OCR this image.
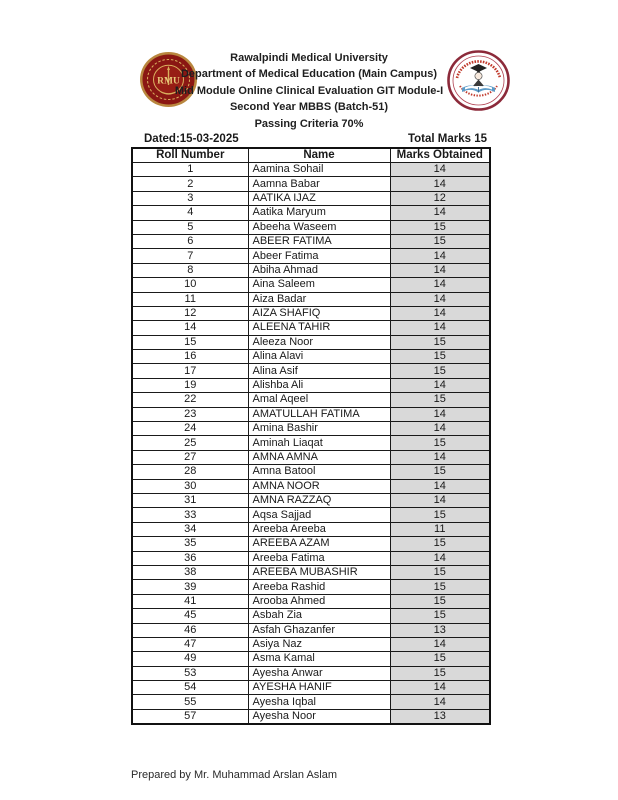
RMU
Rawalpindi Medical University
Department of Medical Education (Main Campus)
Mid Module Online Clinical Evaluation GIT Module-I
Second Year MBBS (Batch-51)
Passing Criteria 70%
Dated:15-03-2025	Total Marks 15
Roll Number	Name	Marks Obtained
1	Aamina Sohail	14
2	Aamna Babar	14
3	AATIKA IJAZ	12
4	Aatika Maryum	14
5	Abeeha Waseem	15
6	ABEER FATIMA	15
7	Abeer Fatima	14
8	Abiha Ahmad	14
10	Aina Saleem	14
11	Aiza Badar	14
12	AIZA SHAFIQ	14
14	ALEENA TAHIR	14
15	Aleeza Noor	15
16	Alina Alavi	15
17	Alina Asif	15
19	Alishba Ali	14
22	Amal Aqeel	15
23	AMATULLAH FATIMA	14
24	Amina Bashir	14
25	Aminah Liaqat	15
27	AMNA AMNA	14
28	Amna Batool	15
30	AMNA NOOR	14
31	AMNA RAZZAQ	14
33	Aqsa Sajjad	15
34	Areeba Areeba	11
35	AREEBA AZAM	15
36	Areeba Fatima	14
38	AREEBA MUBASHIR	15
39	Areeba Rashid	15
41	Arooba Ahmed	15
45	Asbah Zia	15
46	Asfah Ghazanfer	13
47	Asiya Naz	14
49	Asma Kamal	15
53	Ayesha Anwar	15
54	AYESHA HANIF	14
55	Ayesha Iqbal	14
57	Ayesha Noor	13
Prepared by Mr. Muhammad Arslan Aslam
